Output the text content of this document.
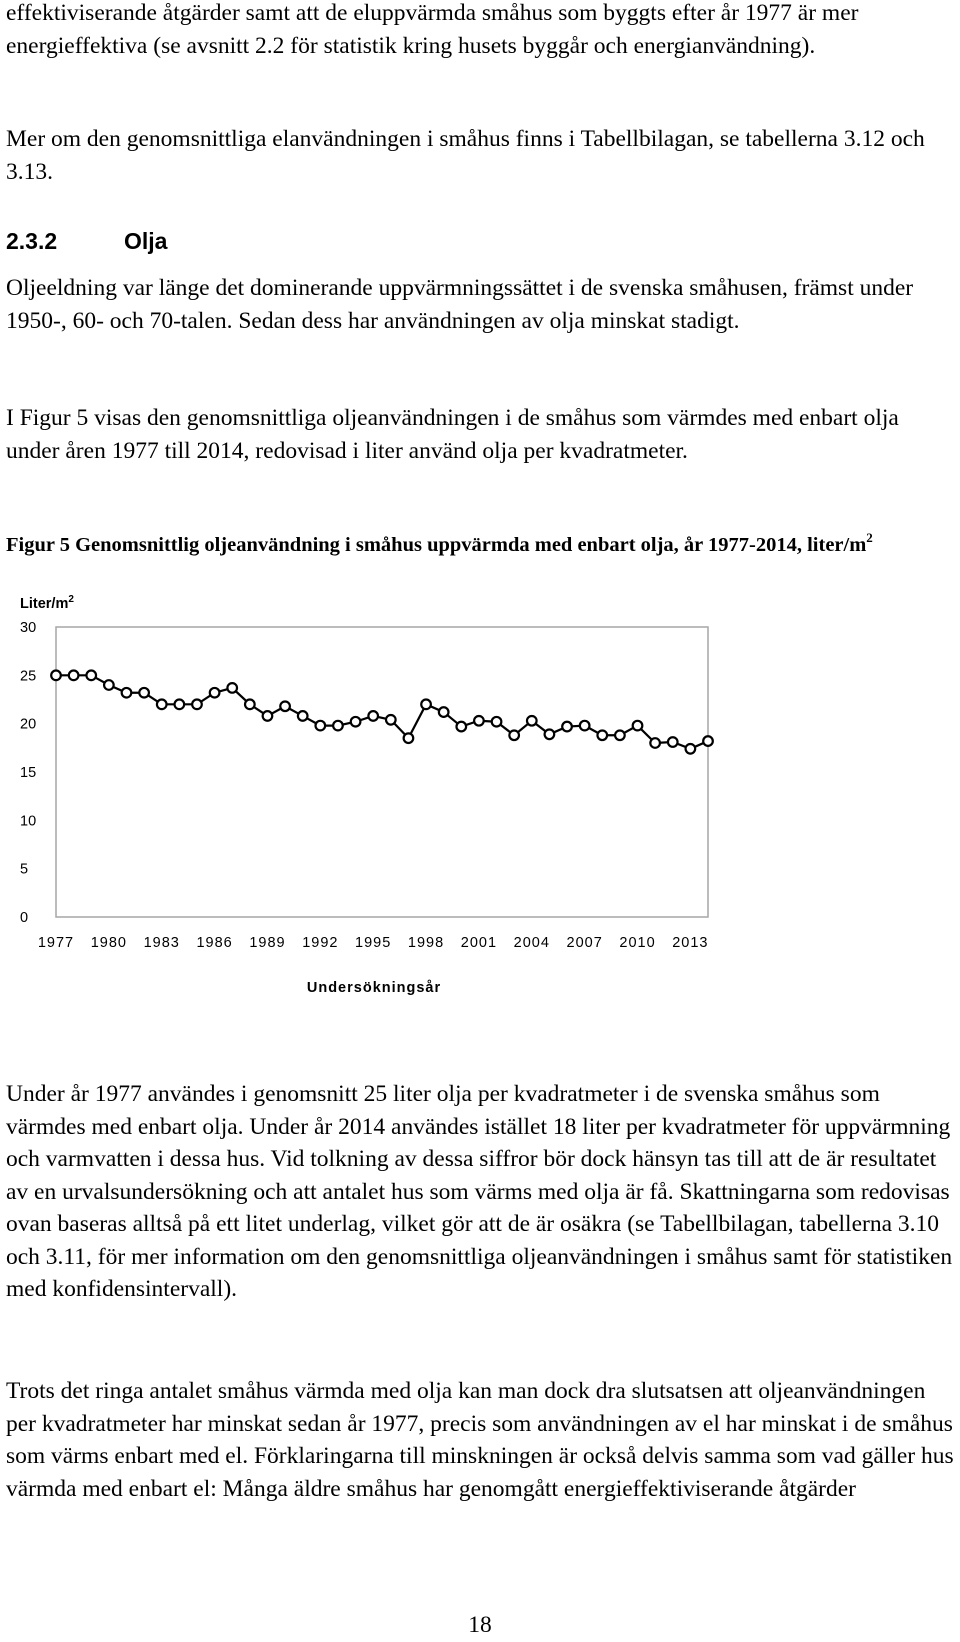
effektiviserande åtgärder samt att de eluppvärmda småhus som byggts efter år 1977 är mer energieffektiva (se avsnitt 2.2 för statistik kring husets byggår och energianvändning).

Mer om den genomsnittliga elanvändningen i småhus finns i Tabellbilagan, se tabellerna 3.12 och 3.13.

2.3.2	Olja

Oljeeldning var länge det dominerande uppvärmningssättet i de svenska småhusen, främst under 1950-, 60- och 70-talen. Sedan dess har användningen av olja minskat stadigt.

I Figur 5 visas den genomsnittliga oljeanvändningen i de småhus som värmdes med enbart olja under åren 1977 till 2014, redovisad i liter använd olja per kvadratmeter.

Figur 5 Genomsnittlig oljeanvändning i småhus uppvärmda med enbart olja, år 1977-2014, liter/$m^2$
Liter/$m^2$
Undersökningsår
0
5
10
15
20
25
30
1977 1980 1983 1986 1989 1992 1995 1998 2001 2004 2007 2010 2013

Under år 1977 användes i genomsnitt 25 liter olja per kvadratmeter i de svenska småhus som värmdes med enbart olja. Under år 2014 användes istället 18 liter per kvadratmeter för uppvärmning och varmvatten i dessa hus. Vid tolkning av dessa siffror bör dock hänsyn tas till att de är resultatet av en urvalsundersökning och att antalet hus som värms med olja är få. Skattningarna som redovisas ovan baseras alltså på ett litet underlag, vilket gör att de är osäkra (se Tabellbilagan, tabellerna 3.10 och 3.11, för mer information om den genomsnittliga oljeanvändningen i småhus samt för statistiken med konfidensintervall).

Trots det ringa antalet småhus värmda med olja kan man dock dra slutsatsen att oljeanvändningen per kvadratmeter har minskat sedan år 1977, precis som användningen av el har minskat i de småhus som värms enbart med el. Förklaringarna till minskningen är också delvis samma som vad gäller hus värmda med enbart el: Många äldre småhus har genomgått energieffektiviserande åtgärder

18
